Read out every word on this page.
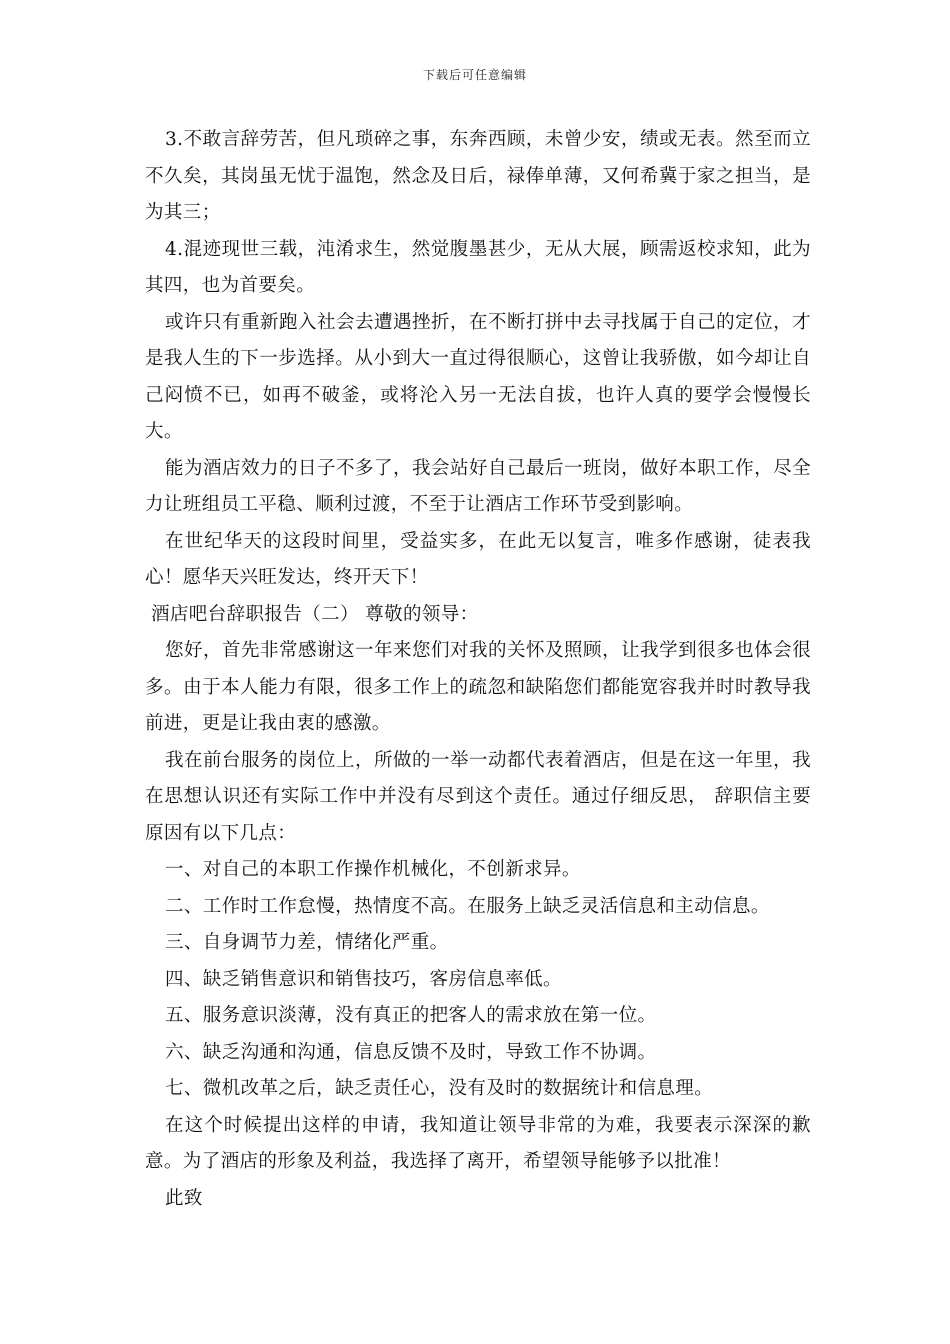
下载后可任意编辑

3.不敢言辞劳苦，但凡琐碎之事，东奔西顾，未曾少安，绩或无表。然至而立不久矣，其岗虽无忧于温饱，然念及日后，禄俸单薄，又何希冀于家之担当，是为其三；

4.混迹现世三载，沌淆求生，然觉腹墨甚少，无从大展，顾需返校求知，此为其四，也为首要矣。

或许只有重新跑入社会去遭遇挫折，在不断打拼中去寻找属于自己的定位，才是我人生的下一步选择。从小到大一直过得很顺心，这曾让我骄傲，如今却让自己闷愤不已，如再不破釜，或将沦入另一无法自拔，也许人真的要学会慢慢长大。

能为酒店效力的日子不多了，我会站好自己最后一班岗，做好本职工作，尽全力让班组员工平稳、顺利过渡，不至于让酒店工作环节受到影响。

在世纪华天的这段时间里，受益实多，在此无以复言，唯多作感谢，徒表我心！愿华天兴旺发达，终开天下！

酒店吧台辞职报告（二） 尊敬的领导：

您好，首先非常感谢这一年来您们对我的关怀及照顾，让我学到很多也体会很多。由于本人能力有限，很多工作上的疏忽和缺陷您们都能宽容我并时时教导我前进，更是让我由衷的感激。

我在前台服务的岗位上，所做的一举一动都代表着酒店，但是在这一年里，我在思想认识还有实际工作中并没有尽到这个责任。通过仔细反思， 辞职信主要原因有以下几点：

一、对自己的本职工作操作机械化，不创新求异。

二、工作时工作怠慢，热情度不高。在服务上缺乏灵活信息和主动信息。

三、自身调节力差，情绪化严重。

四、缺乏销售意识和销售技巧，客房信息率低。

五、服务意识淡薄，没有真正的把客人的需求放在第一位。

六、缺乏沟通和沟通，信息反馈不及时，导致工作不协调。

七、微机改革之后，缺乏责任心，没有及时的数据统计和信息理。

在这个时候提出这样的申请，我知道让领导非常的为难，我要表示深深的歉意。为了酒店的形象及利益，我选择了离开，希望领导能够予以批准！

此致
